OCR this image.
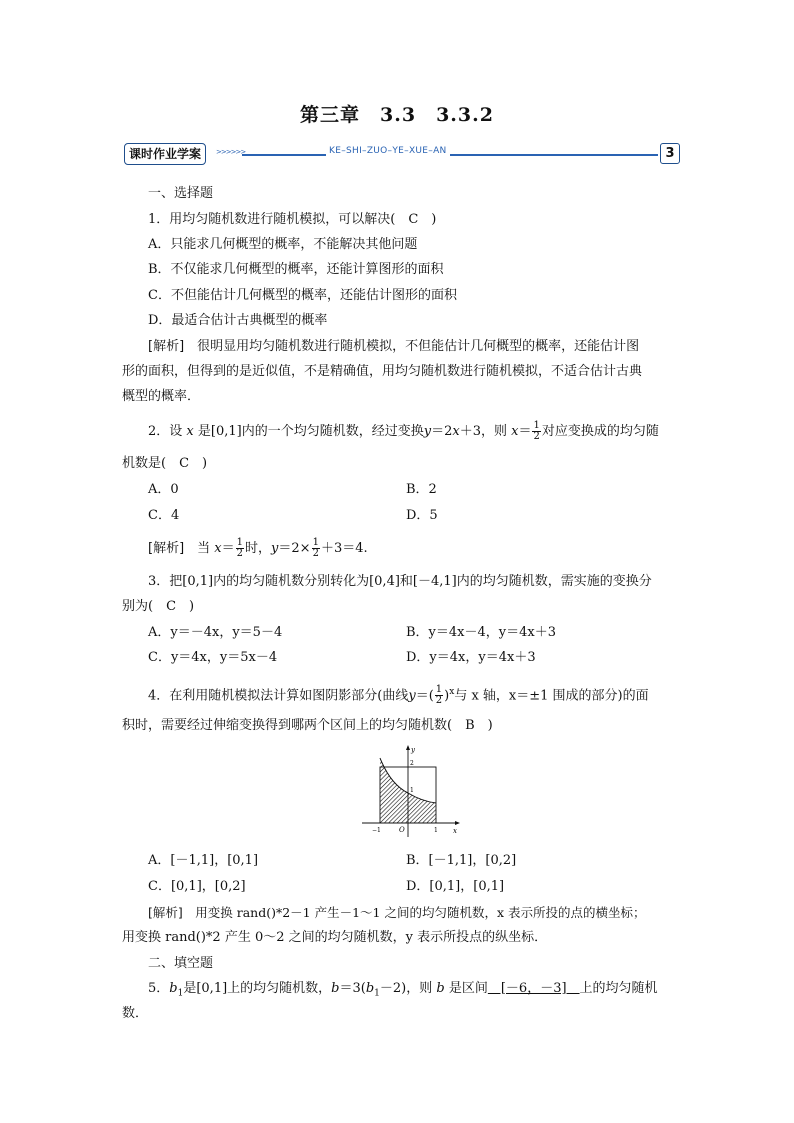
第三章　3.3　3.3.2
课时作业学案	>>>>>>	KE–SHI–ZUO–YE–XUE–AN	3
一、选择题
1．用均匀随机数进行随机模拟，可以解决(　C　)
A．只能求几何概型的概率，不能解决其他问题
B．不仅能求几何概型的概率，还能计算图形的面积
C．不但能估计几何概型的概率，还能估计图形的面积
D．最适合估计古典概型的概率
[解析]　很明显用均匀随机数进行随机模拟，不但能估计几何概型的概率，还能估计图
形的面积，但得到的是近似值，不是精确值，用均匀随机数进行随机模拟，不适合估计古典
概型的概率．
2．设 x 是[0,1]内的一个均匀随机数，经过变换y＝2x＋3，则 $x= \frac{1}{2}$ 对应变换成的均匀随
机数是(　C　)
A．0	B．2
C．4	D．5
[解析]　当 $x= \frac{1}{2}$ 时，$y=2\times \frac{1}{2} +3=4$.
3．把[0,1]内的均匀随机数分别转化为[0,4]和[－4,1]内的均匀随机数，需实施的变换分
别为(　C　)
A．y＝－4x，y＝5－4	B．y＝4x－4，y＝4x＋3
C．y＝4x，y＝5x－4	D．y＝4x，y＝4x＋3
4．在利用随机模拟法计算如图阴影部分(曲线$y=( \frac{1}{2} )^x$与 x 轴，x＝±1 围成的部分)的面
积时，需要经过伸缩变换得到哪两个区间上的均匀随机数(　B　)
y
x
2
1
−1	O	1
A．[－1,1]，[0,1]	B．[－1,1]，[0,2]
C．[0,1]，[0,2]	D．[0,1]，[0,1]
[解析]　用变换 rand()*2－1 产生－1～1 之间的均匀随机数，x 表示所投的点的横坐标；
用变换 rand()*2 产生 0～2 之间的均匀随机数，y 表示所投点的纵坐标．
二、填空题
5．$b_1$是[0,1]上的均匀随机数，$b=3(b_1-2)$，则 b 是区间　[－6，－3]　上的均匀随机
数．
